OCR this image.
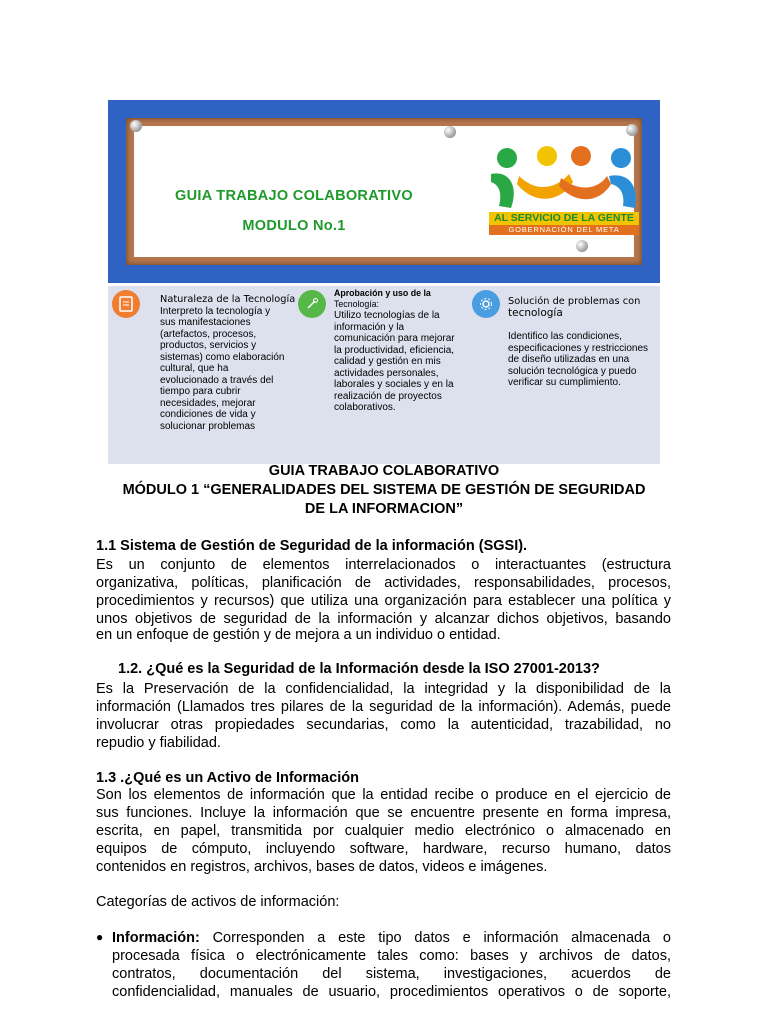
GUIA TRABAJO COLABORATIVO
MODULO No.1	AL SERVICIO DE LA GENTE
GOBERNACIÓN DEL META
Naturaleza de la Tecnología
Interpreto la tecnología y
sus manifestaciones
(artefactos, procesos,
productos, servicios y
sistemas) como elaboración
cultural, que ha
evolucionado a través del
tiempo para cubrir
necesidades, mejorar
condiciones de vida y
solucionar problemas
Aprobación y uso de la
Tecnología:
Utilizo tecnologías de la
información y la
comunicación para mejorar
la productividad, eficiencia,
calidad y gestión en mis
actividades personales,
laborales y sociales y en la
realización de proyectos
colaborativos.
Solución de problemas con
tecnología
Identifico las condiciones,
especificaciones y restricciones
de diseño utilizadas en una
solución tecnológica y puedo
verificar su cumplimiento.
GUIA TRABAJO COLABORATIVO
MÓDULO 1 “GENERALIDADES DEL SISTEMA DE GESTIÓN DE SEGURIDAD
DE LA INFORMACION”
1.1 Sistema de Gestión de Seguridad de la información (SGSI).
Es un conjunto de elementos interrelacionados o interactuantes (estructura
organizativa, políticas, planificación de actividades, responsabilidades, procesos,
procedimientos y recursos) que utiliza una organización para establecer una política y
unos objetivos de seguridad de la información y alcanzar dichos objetivos, basando
en un enfoque de gestión y de mejora a un individuo o entidad.
1.2. ¿Qué es la Seguridad de la Información desde la ISO 27001-2013?
Es la Preservación de la confidencialidad, la integridad y la disponibilidad de la
información (Llamados tres pilares de la seguridad de la información). Además, puede
involucrar otras propiedades secundarias, como la autenticidad, trazabilidad, no
repudio y fiabilidad.
1.3 .¿Qué es un Activo de Información
Son los elementos de información que la entidad recibe o produce en el ejercicio de
sus funciones. Incluye la información que se encuentre presente en forma impresa,
escrita, en papel, transmitida por cualquier medio electrónico o almacenado en
equipos de cómputo, incluyendo software, hardware, recurso humano, datos
contenidos en registros, archivos, bases de datos, videos e imágenes.
Categorías de activos de información:
● Información: Corresponden a este tipo datos e información almacenada o
procesada física o electrónicamente tales como: bases y archivos de datos,
contratos, documentación del sistema, investigaciones, acuerdos de
confidencialidad, manuales de usuario, procedimientos operativos o de soporte,
